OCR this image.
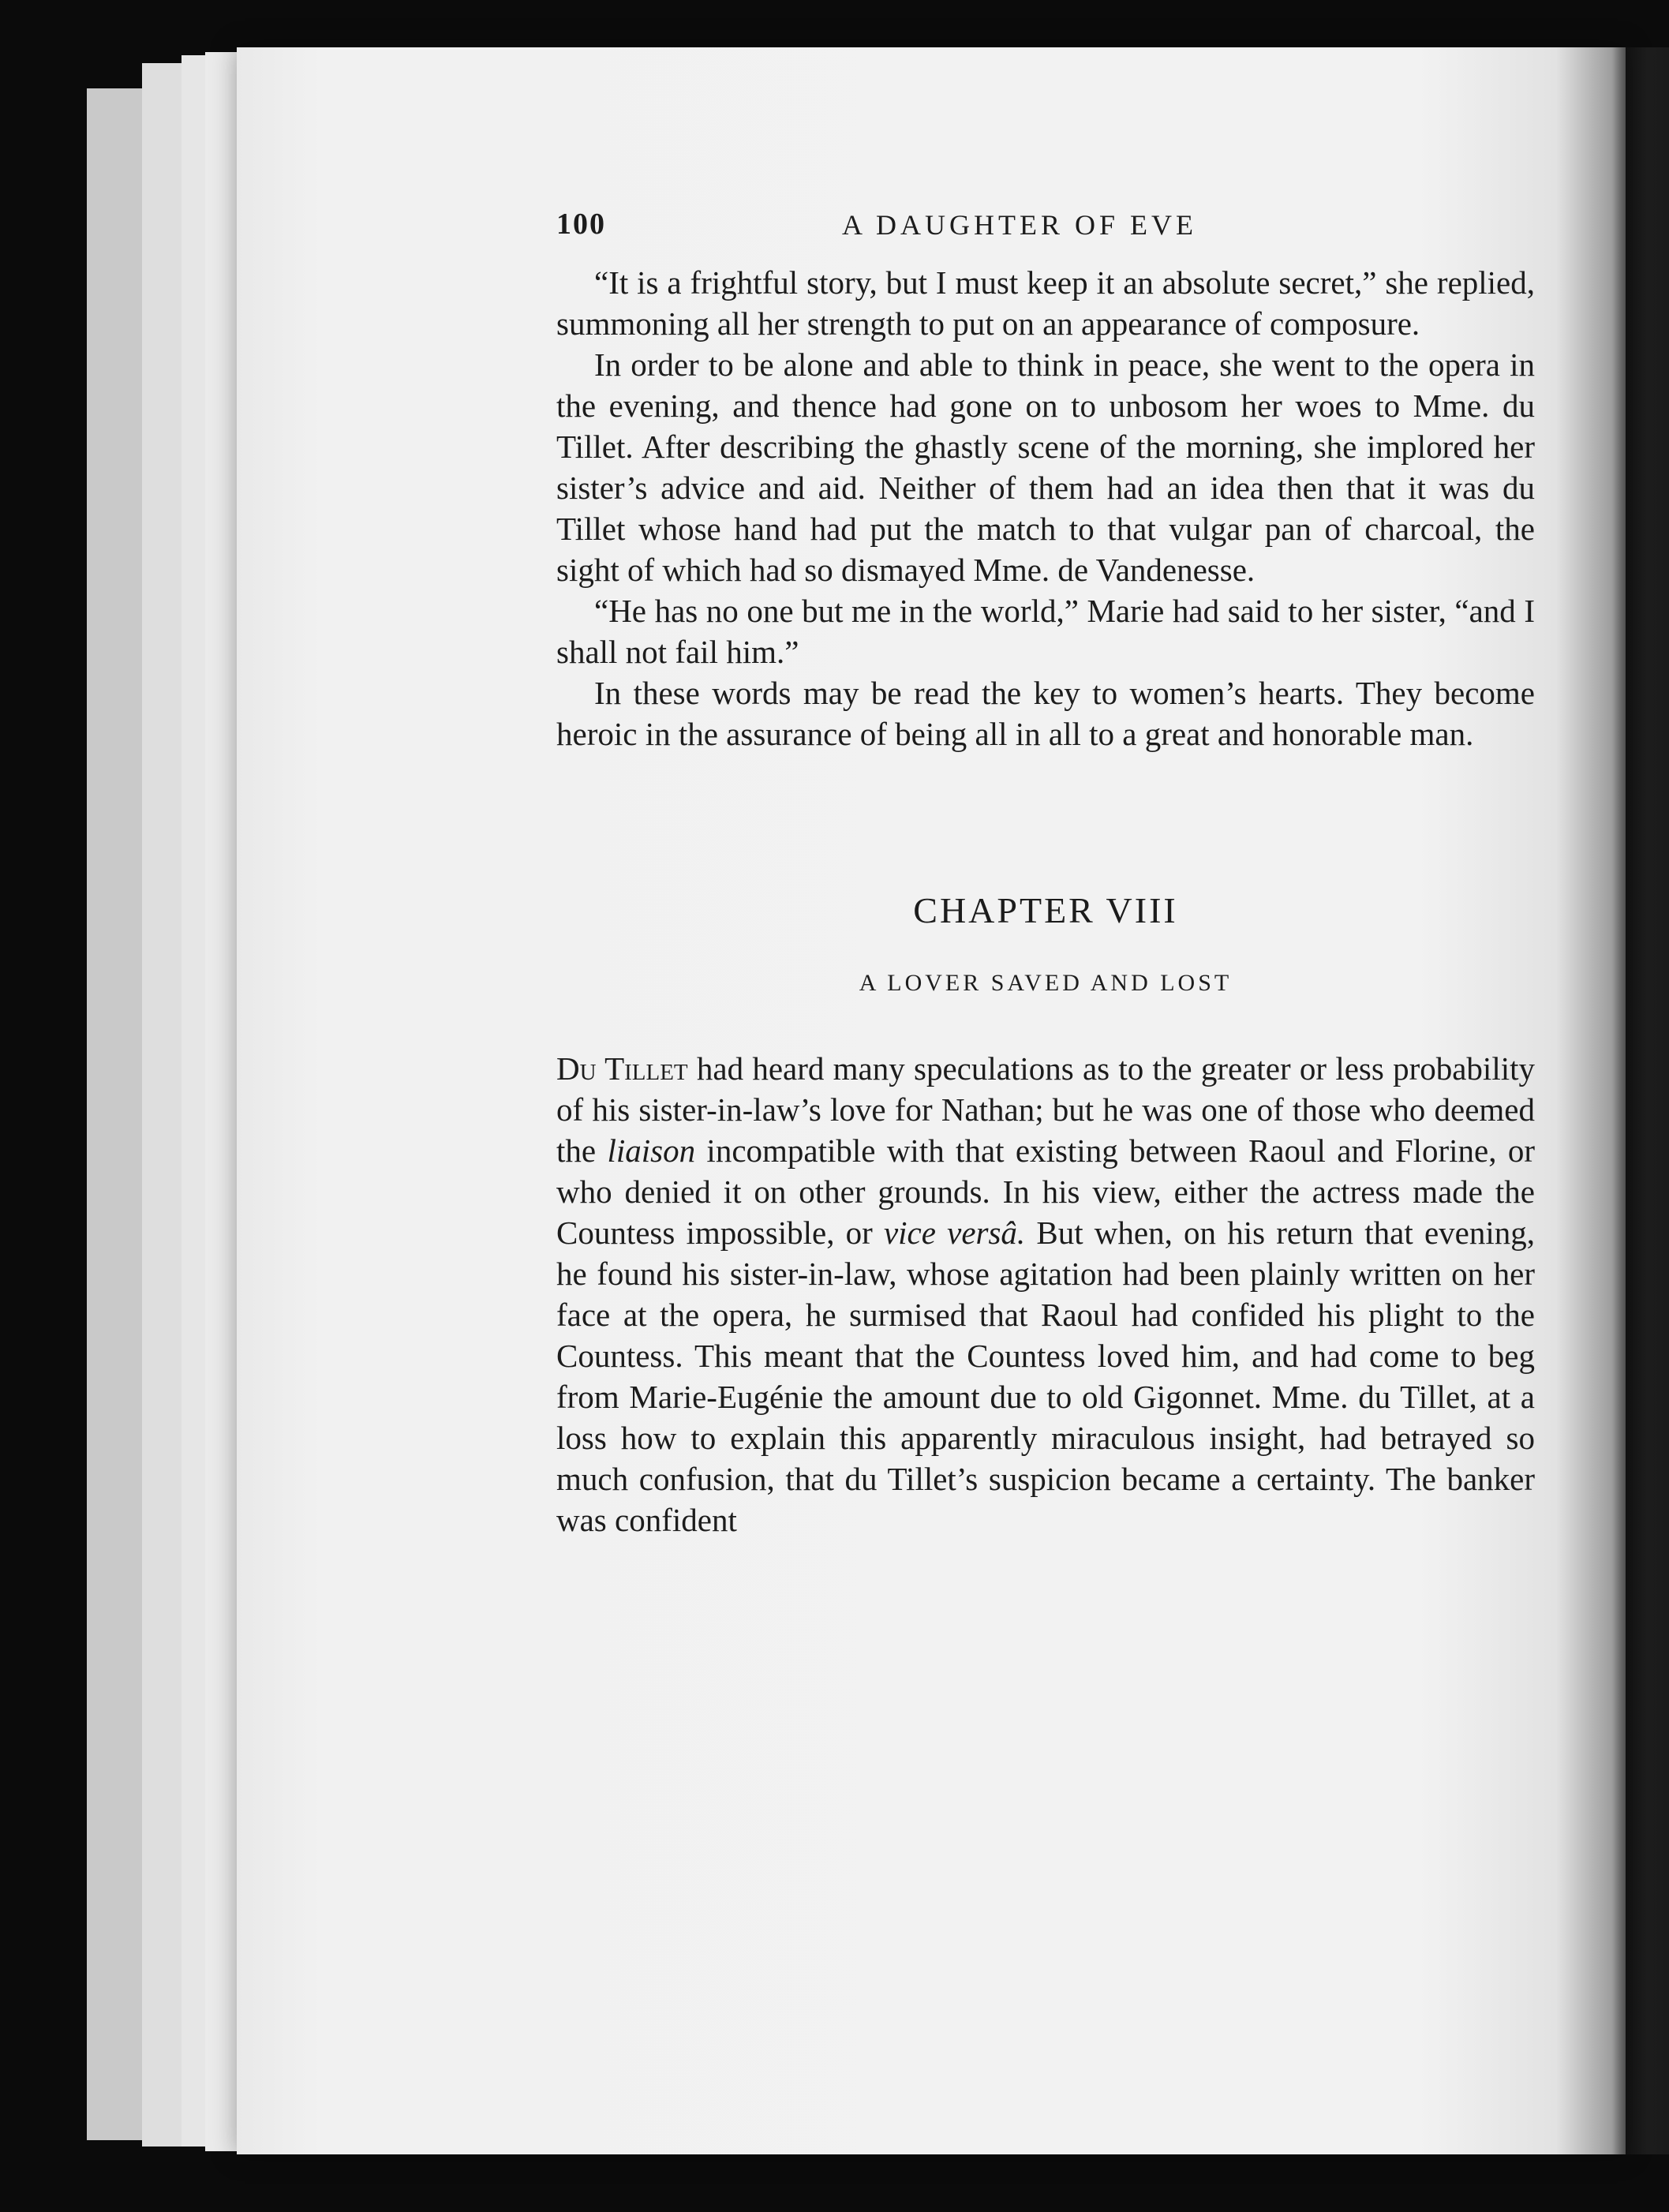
100	A DAUGHTER OF EVE

“It is a frightful story, but I must keep it an absolute secret,” she replied, summoning all her strength to put on an appearance of composure.

In order to be alone and able to think in peace, she went to the opera in the evening, and thence had gone on to unbosom her woes to Mme. du Tillet. After describing the ghastly scene of the morning, she implored her sister’s advice and aid. Neither of them had an idea then that it was du Tillet whose hand had put the match to that vulgar pan of charcoal, the sight of which had so dismayed Mme. de Vandenesse.

“He has no one but me in the world,” Marie had said to her sister, “and I shall not fail him.”

In these words may be read the key to women’s hearts. They become heroic in the assurance of being all in all to a great and honorable man.

CHAPTER VIII
A LOVER SAVED AND LOST

Du Tillet had heard many speculations as to the greater or less probability of his sister-in-law’s love for Nathan; but he was one of those who deemed the liaison incompatible with that existing between Raoul and Florine, or who denied it on other grounds. In his view, either the actress made the Countess impossible, or vice versâ. But when, on his return that evening, he found his sister-in-law, whose agitation had been plainly written on her face at the opera, he surmised that Raoul had confided his plight to the Countess. This meant that the Countess loved him, and had come to beg from Marie-Eugénie the amount due to old Gigonnet. Mme. du Tillet, at a loss how to explain this apparently miraculous insight, had betrayed so much confusion, that du Tillet’s suspicion became a certainty. The banker was confident
